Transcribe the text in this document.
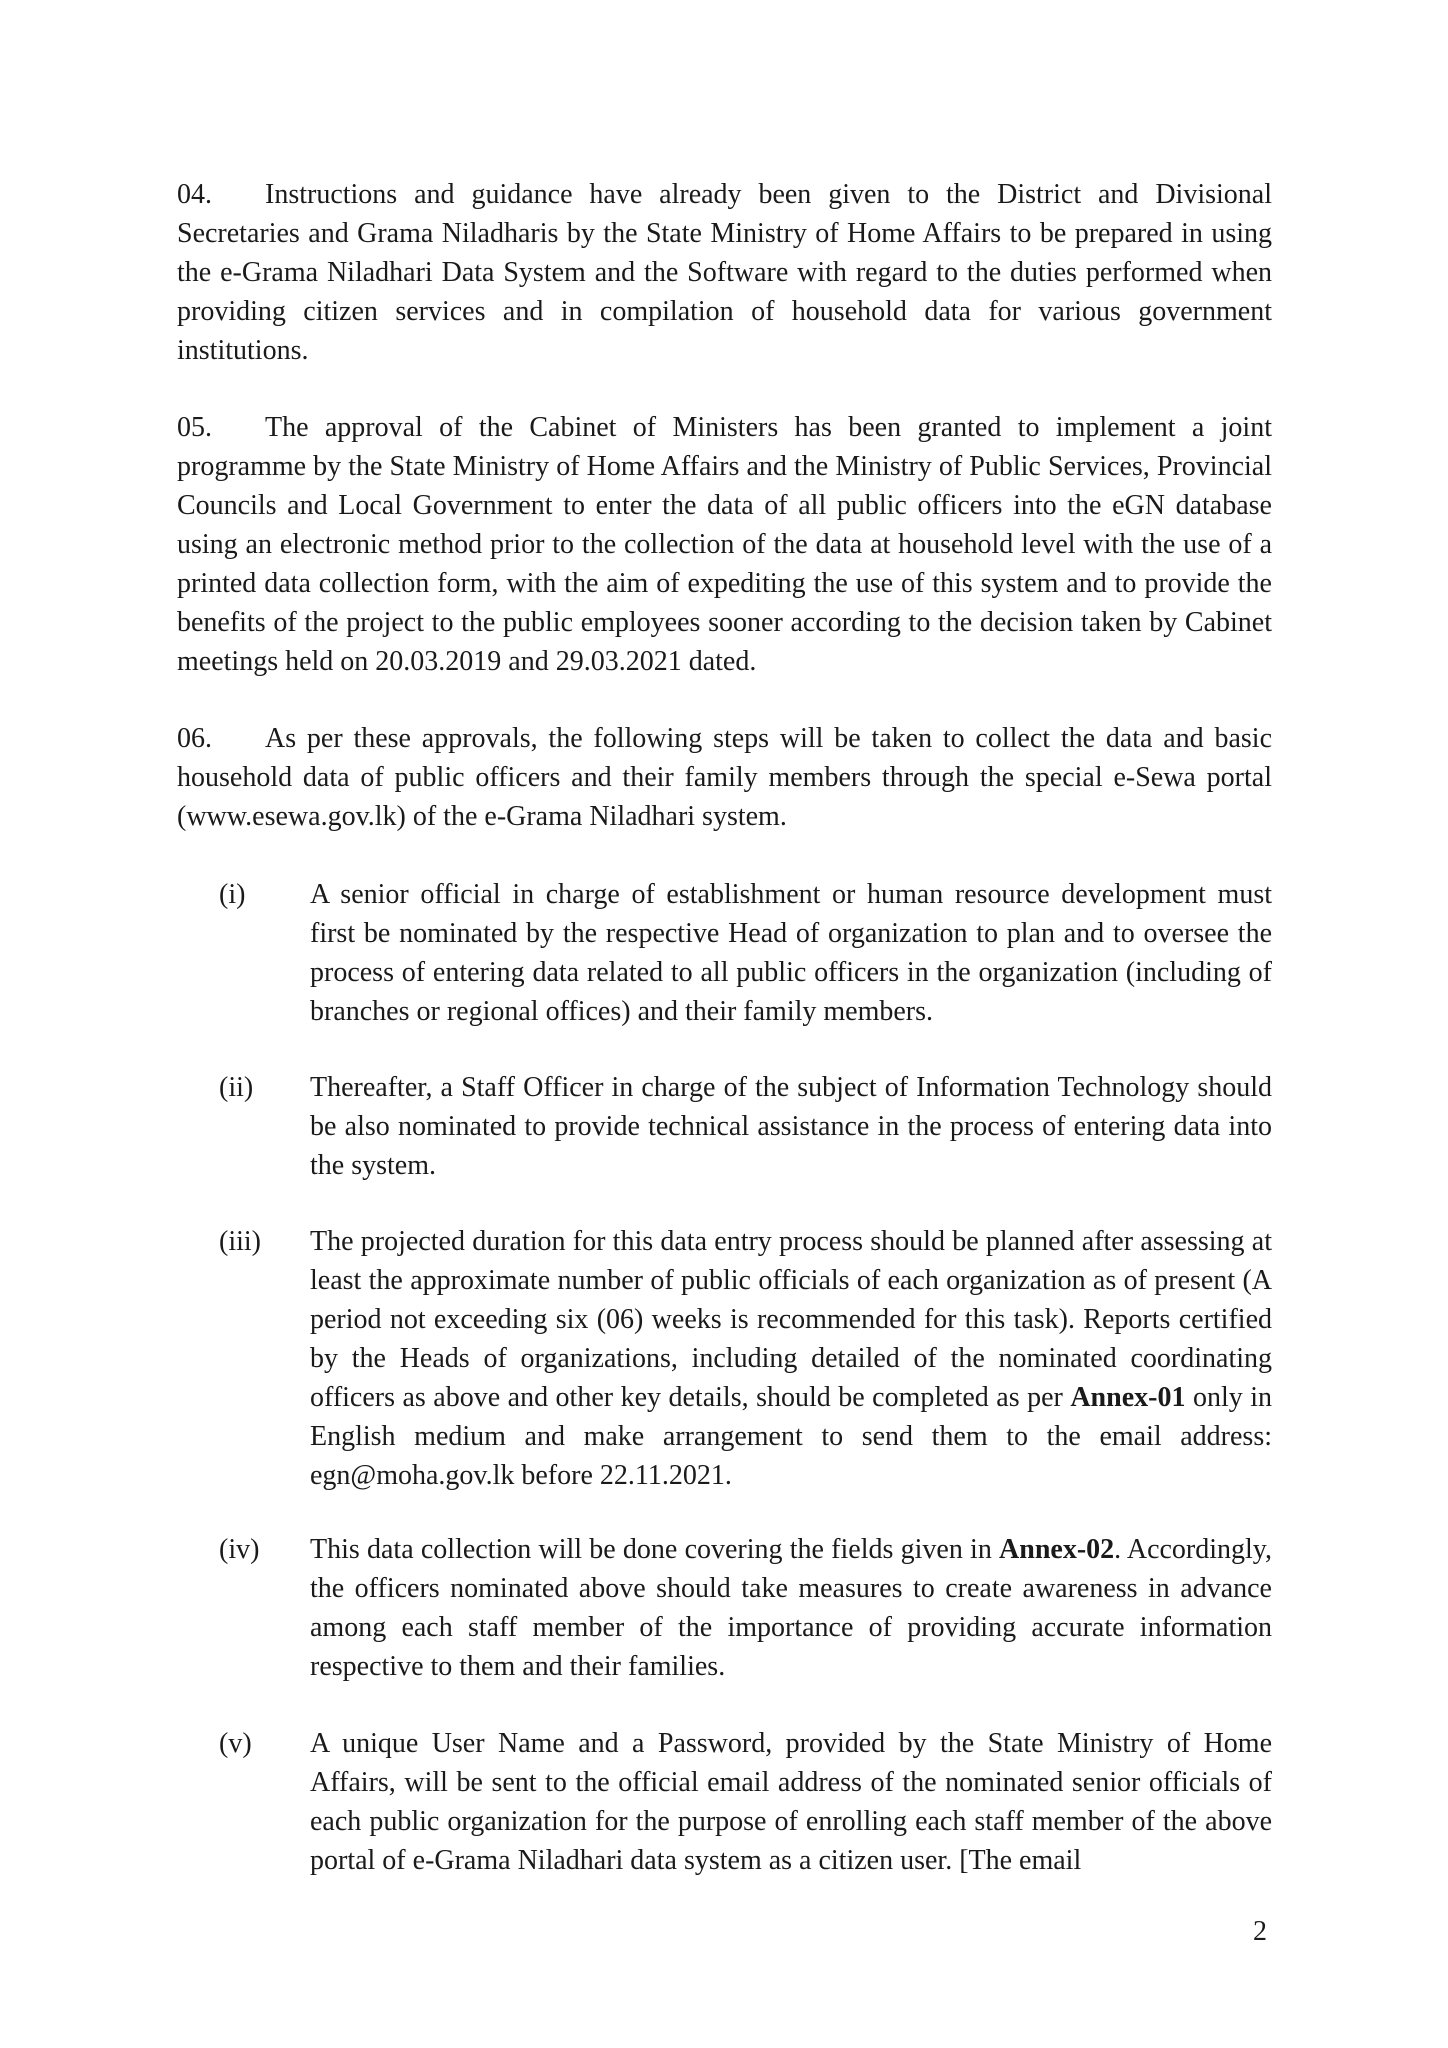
04. Instructions and guidance have already been given to the District and Divisional Secretaries and Grama Niladharis by the State Ministry of Home Affairs to be prepared in using the e-Grama Niladhari Data System and the Software with regard to the duties performed when providing citizen services and in compilation of household data for various government institutions.
05. The approval of the Cabinet of Ministers has been granted to implement a joint programme by the State Ministry of Home Affairs and the Ministry of Public Services, Provincial Councils and Local Government to enter the data of all public officers into the eGN database using an electronic method prior to the collection of the data at household level with the use of a printed data collection form, with the aim of expediting the use of this system and to provide the benefits of the project to the public employees sooner according to the decision taken by Cabinet meetings held on 20.03.2019 and 29.03.2021 dated.
06. As per these approvals, the following steps will be taken to collect the data and basic household data of public officers and their family members through the special e-Sewa portal (www.esewa.gov.lk) of the e-Grama Niladhari system.
(i) A senior official in charge of establishment or human resource development must first be nominated by the respective Head of organization to plan and to oversee the process of entering data related to all public officers in the organization (including of branches or regional offices) and their family members.
(ii) Thereafter, a Staff Officer in charge of the subject of Information Technology should be also nominated to provide technical assistance in the process of entering data into the system.
(iii) The projected duration for this data entry process should be planned after assessing at least the approximate number of public officials of each organization as of present (A period not exceeding six (06) weeks is recommended for this task). Reports certified by the Heads of organizations, including detailed of the nominated coordinating officers as above and other key details, should be completed as per Annex-01 only in English medium and make arrangement to send them to the email address: egn@moha.gov.lk before 22.11.2021.
(iv) This data collection will be done covering the fields given in Annex-02. Accordingly, the officers nominated above should take measures to create awareness in advance among each staff member of the importance of providing accurate information respective to them and their families.
(v) A unique User Name and a Password, provided by the State Ministry of Home Affairs, will be sent to the official email address of the nominated senior officials of each public organization for the purpose of enrolling each staff member of the above portal of e-Grama Niladhari data system as a citizen user. [The email
2
